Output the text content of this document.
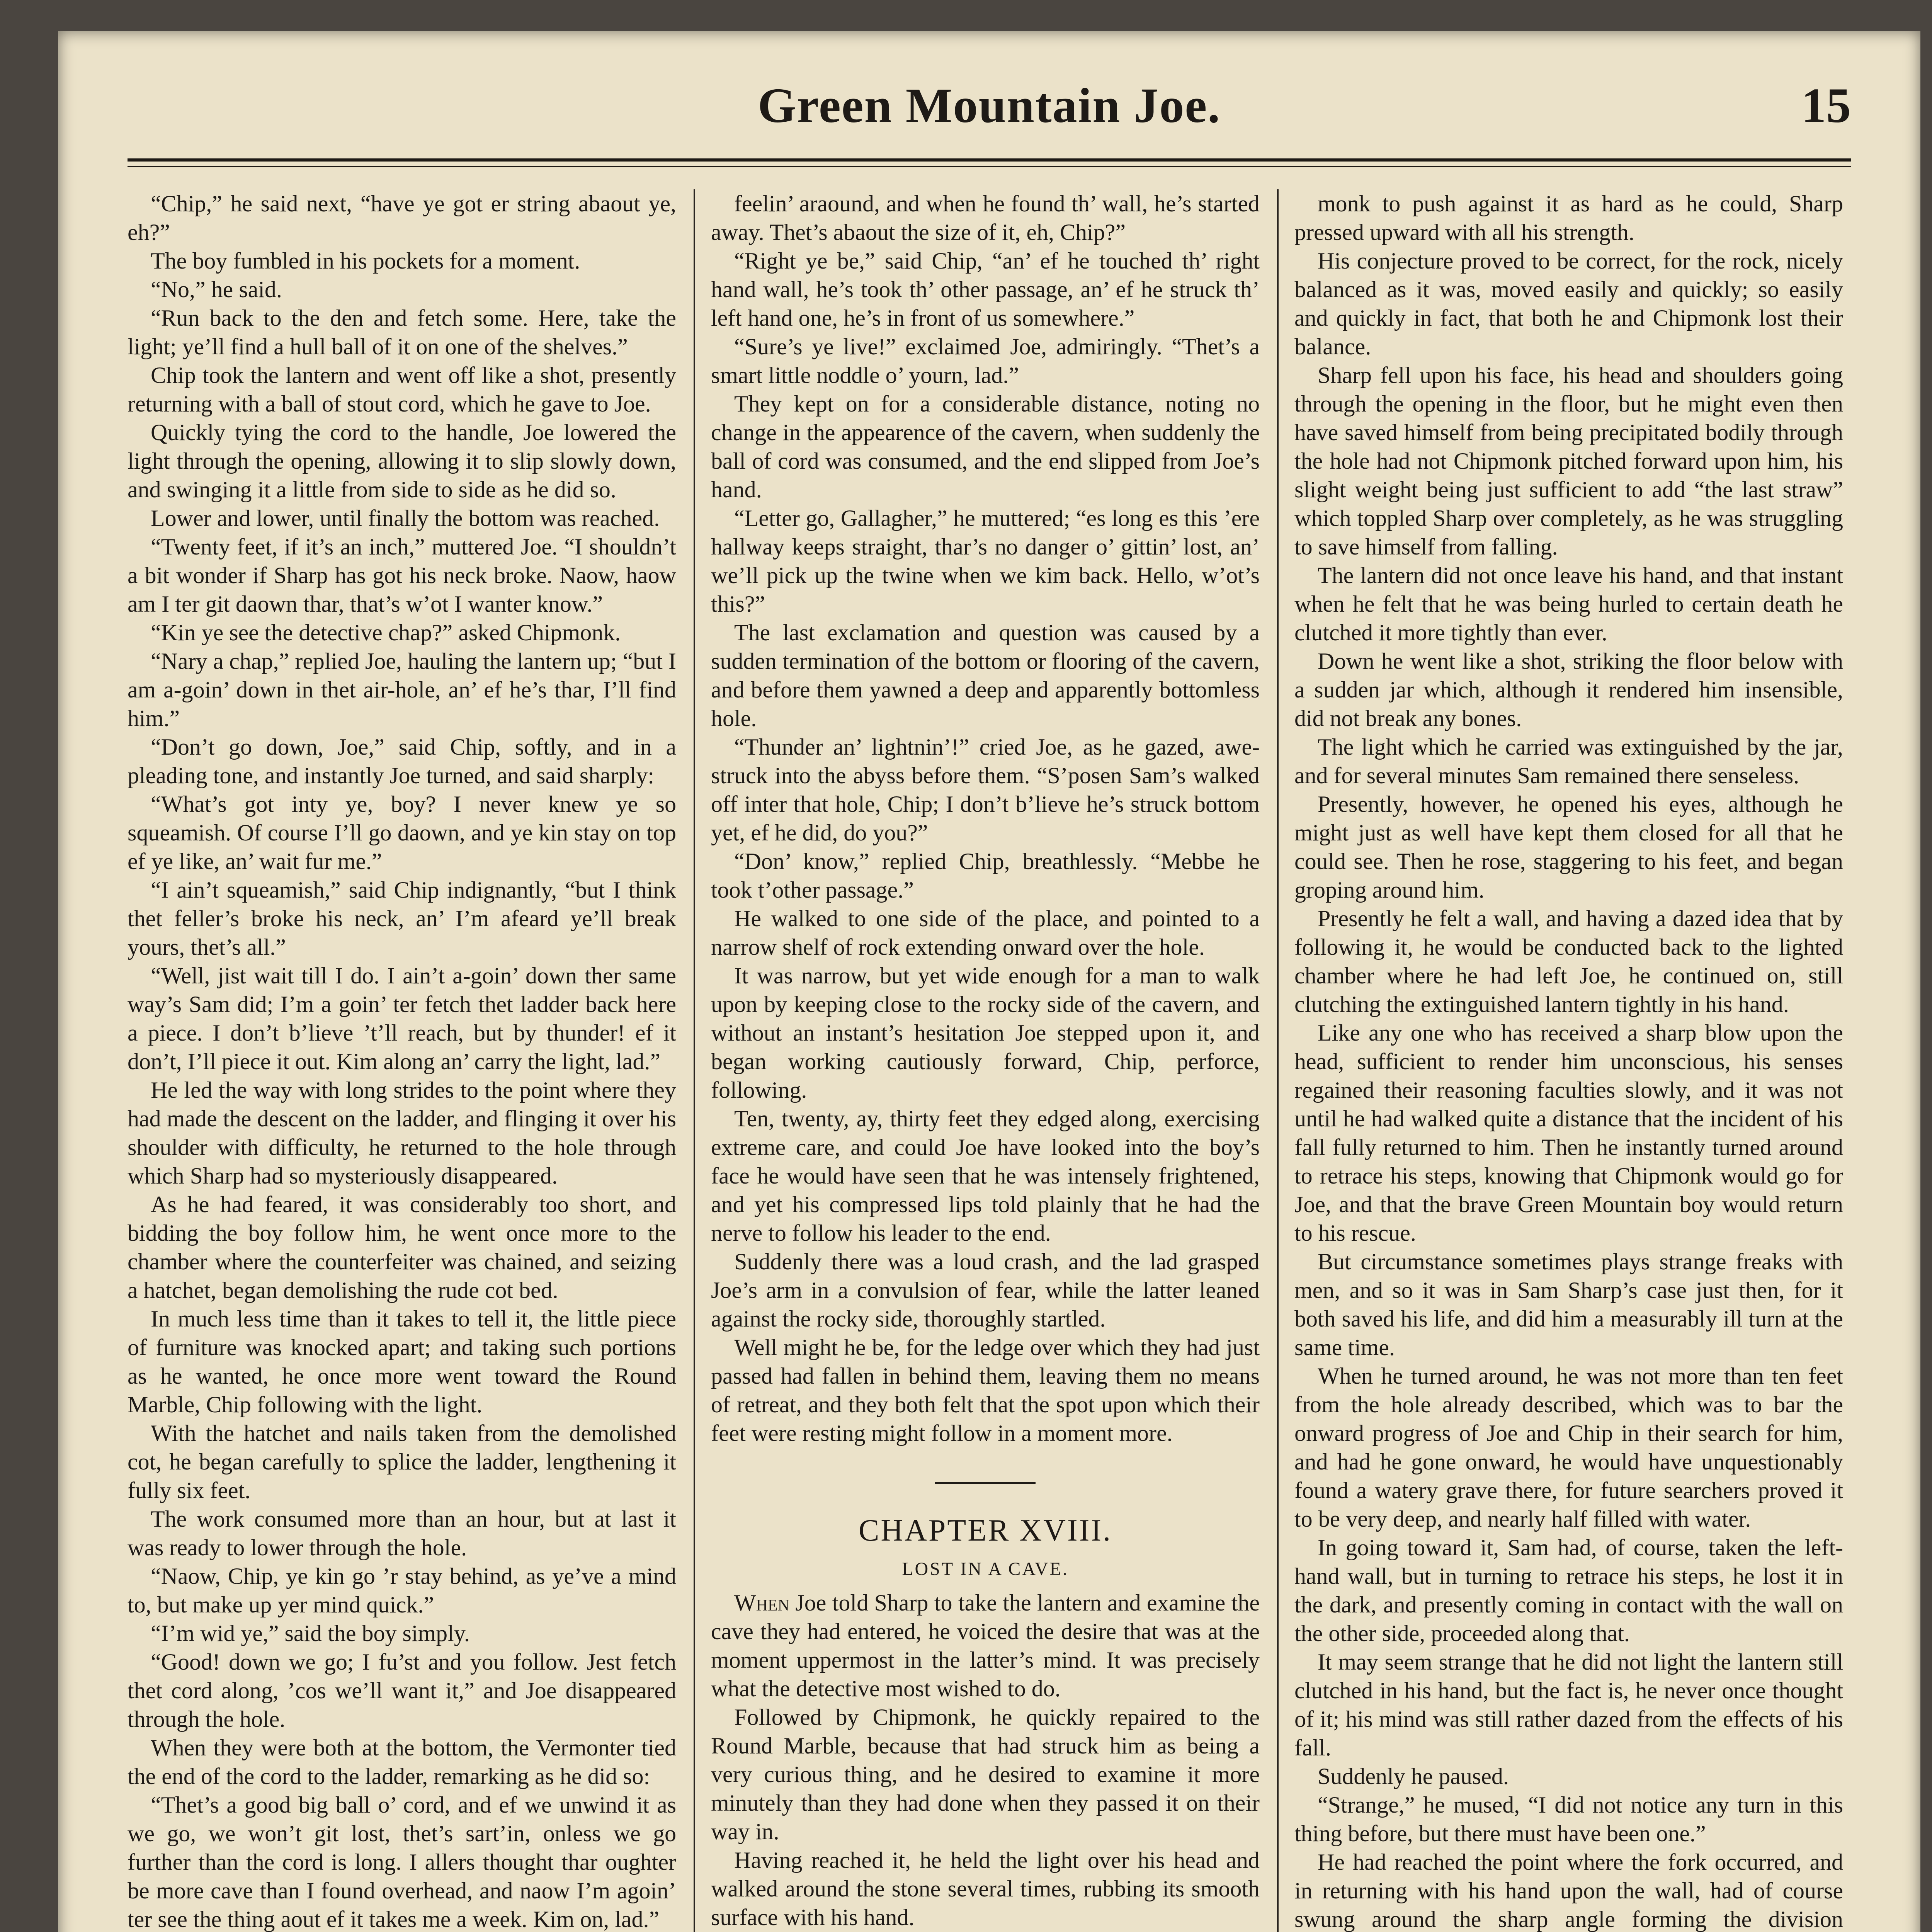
Green Mountain Joe.	15

“Chip,” he said next, “have ye got er string abaout ye, eh?”

The boy fumbled in his pockets for a moment.

“No,” he said.

“Run back to the den and fetch some. Here, take the light; ye’ll find a hull ball of it on one of the shelves.”

Chip took the lantern and went off like a shot, presently returning with a ball of stout cord, which he gave to Joe.

Quickly tying the cord to the handle, Joe lowered the light through the opening, allowing it to slip slowly down, and swinging it a little from side to side as he did so.

Lower and lower, until finally the bottom was reached.

“Twenty feet, if it’s an inch,” muttered Joe. “I shouldn’t a bit wonder if Sharp has got his neck broke. Naow, haow am I ter git daown thar, that’s w’ot I wanter know.”

“Kin ye see the detective chap?” asked Chipmonk.

“Nary a chap,” replied Joe, hauling the lantern up; “but I am a-goin’ down in thet air-hole, an’ ef he’s thar, I’ll find him.”

“Don’t go down, Joe,” said Chip, softly, and in a pleading tone, and instantly Joe turned, and said sharply:

“What’s got inty ye, boy? I never knew ye so squeamish. Of course I’ll go daown, and ye kin stay on top ef ye like, an’ wait fur me.”

“I ain’t squeamish,” said Chip indignantly, “but I think thet feller’s broke his neck, an’ I’m afeard ye’ll break yours, thet’s all.”

“Well, jist wait till I do. I ain’t a-goin’ down ther same way’s Sam did; I’m a goin’ ter fetch thet ladder back here a piece. I don’t b’lieve ’t’ll reach, but by thunder! ef it don’t, I’ll piece it out. Kim along an’ carry the light, lad.”

He led the way with long strides to the point where they had made the descent on the ladder, and flinging it over his shoulder with difficulty, he returned to the hole through which Sharp had so mysteriously disappeared.

As he had feared, it was considerably too short, and bidding the boy follow him, he went once more to the chamber where the counterfeiter was chained, and seizing a hatchet, began demolishing the rude cot bed.

In much less time than it takes to tell it, the little piece of furniture was knocked apart; and taking such portions as he wanted, he once more went toward the Round Marble, Chip following with the light.

With the hatchet and nails taken from the demolished cot, he began carefully to splice the ladder, lengthening it fully six feet.

The work consumed more than an hour, but at last it was ready to lower through the hole.

“Naow, Chip, ye kin go ’r stay behind, as ye’ve a mind to, but make up yer mind quick.”

“I’m wid ye,” said the boy simply.

“Good! down we go; I fu’st and you follow. Jest fetch thet cord along, ’cos we’ll want it,” and Joe disappeared through the hole.

When they were both at the bottom, the Vermonter tied the end of the cord to the ladder, remarking as he did so:

“Thet’s a good big ball o’ cord, and ef we unwind it as we go, we won’t git lost, thet’s sart’in, onless we go further than the cord is long. I allers thought thar oughter be more cave than I found overhead, and naow I’m agoin’ ter see the thing aout ef it takes me a week. Kim on, lad.”

feelin’ araound, and when he found th’ wall, he’s started away. Thet’s abaout the size of it, eh, Chip?”

“Right ye be,” said Chip, “an’ ef he touched th’ right hand wall, he’s took th’ other passage, an’ ef he struck th’ left hand one, he’s in front of us somewhere.”

“Sure’s ye live!” exclaimed Joe, admiringly. “Thet’s a smart little noddle o’ yourn, lad.”

They kept on for a considerable distance, noting no change in the appearence of the cavern, when suddenly the ball of cord was consumed, and the end slipped from Joe’s hand.

“Letter go, Gallagher,” he muttered; “es long es this ’ere hallway keeps straight, thar’s no danger o’ gittin’ lost, an’ we’ll pick up the twine when we kim back. Hello, w’ot’s this?”

The last exclamation and question was caused by a sudden termination of the bottom or flooring of the cavern, and before them yawned a deep and apparently bottomless hole.

“Thunder an’ lightnin’!” cried Joe, as he gazed, awe-struck into the abyss before them. “S’posen Sam’s walked off inter that hole, Chip; I don’t b’lieve he’s struck bottom yet, ef he did, do you?”

“Don’ know,” replied Chip, breathlessly. “Mebbe he took t’other passage.”

He walked to one side of the place, and pointed to a narrow shelf of rock extending onward over the hole.

It was narrow, but yet wide enough for a man to walk upon by keeping close to the rocky side of the cavern, and without an instant’s hesitation Joe stepped upon it, and began working cautiously forward, Chip, perforce, following.

Ten, twenty, ay, thirty feet they edged along, exercising extreme care, and could Joe have looked into the boy’s face he would have seen that he was intensely frightened, and yet his compressed lips told plainly that he had the nerve to follow his leader to the end.

Suddenly there was a loud crash, and the lad grasped Joe’s arm in a convulsion of fear, while the latter leaned against the rocky side, thoroughly startled.

Well might he be, for the ledge over which they had just passed had fallen in behind them, leaving them no means of retreat, and they both felt that the spot upon which their feet were resting might follow in a moment more.

CHAPTER XVIII.
LOST IN A CAVE.

When Joe told Sharp to take the lantern and examine the cave they had entered, he voiced the desire that was at the moment uppermost in the latter’s mind. It was precisely what the detective most wished to do.

Followed by Chipmonk, he quickly repaired to the Round Marble, because that had struck him as being a very curious thing, and he desired to examine it more minutely than they had done when they passed it on their way in.

Having reached it, he held the light over his head and walked around the stone several times, rubbing its smooth surface with his hand.

monk to push against it as hard as he could, Sharp pressed upward with all his strength.

His conjecture proved to be correct, for the rock, nicely balanced as it was, moved easily and quickly; so easily and quickly in fact, that both he and Chipmonk lost their balance.

Sharp fell upon his face, his head and shoulders going through the opening in the floor, but he might even then have saved himself from being precipitated bodily through the hole had not Chipmonk pitched forward upon him, his slight weight being just sufficient to add “the last straw” which toppled Sharp over completely, as he was struggling to save himself from falling.

The lantern did not once leave his hand, and that instant when he felt that he was being hurled to certain death he clutched it more tightly than ever.

Down he went like a shot, striking the floor below with a sudden jar which, although it rendered him insensible, did not break any bones.

The light which he carried was extinguished by the jar, and for several minutes Sam remained there senseless.

Presently, however, he opened his eyes, although he might just as well have kept them closed for all that he could see. Then he rose, staggering to his feet, and began groping around him.

Presently he felt a wall, and having a dazed idea that by following it, he would be conducted back to the lighted chamber where he had left Joe, he continued on, still clutching the extinguished lantern tightly in his hand.

Like any one who has received a sharp blow upon the head, sufficient to render him unconscious, his senses regained their reasoning faculties slowly, and it was not until he had walked quite a distance that the incident of his fall fully returned to him. Then he instantly turned around to retrace his steps, knowing that Chipmonk would go for Joe, and that the brave Green Mountain boy would return to his rescue.

But circumstance sometimes plays strange freaks with men, and so it was in Sam Sharp’s case just then, for it both saved his life, and did him a measurably ill turn at the same time.

When he turned around, he was not more than ten feet from the hole already described, which was to bar the onward progress of Joe and Chip in their search for him, and had he gone onward, he would have unquestionably found a watery grave there, for future searchers proved it to be very deep, and nearly half filled with water.

In going toward it, Sam had, of course, taken the left-hand wall, but in turning to retrace his steps, he lost it in the dark, and presently coming in contact with the wall on the other side, proceeded along that.

It may seem strange that he did not light the lantern still clutched in his hand, but the fact is, he never once thought of it; his mind was still rather dazed from the effects of his fall.

Suddenly he paused.

“Strange,” he mused, “I did not notice any turn in this thing before, but there must have been one.”

He had reached the point where the fork occurred, and in returning with his hand upon the wall, had of course swung around the sharp angle forming the division
